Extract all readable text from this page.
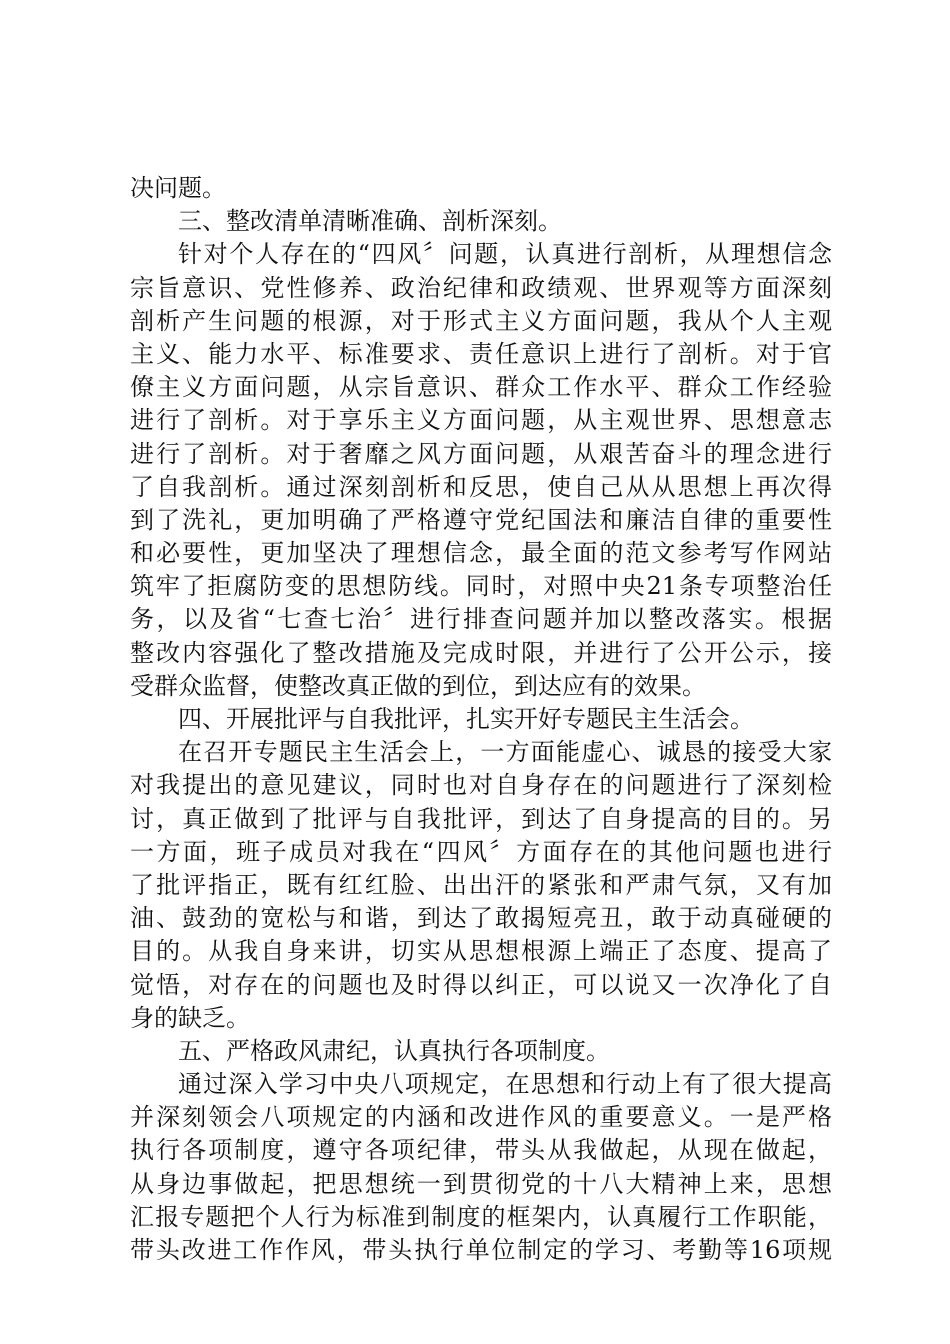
决问题。
三、整改清单清晰准确、剖析深刻。
针对个人存在的“四风〞问题，认真进行剖析，从理想信念
宗旨意识、党性修养、政治纪律和政绩观、世界观等方面深刻
剖析产生问题的根源，对于形式主义方面问题，我从个人主观
主义、能力水平、标准要求、责任意识上进行了剖析。对于官
僚主义方面问题，从宗旨意识、群众工作水平、群众工作经验
进行了剖析。对于享乐主义方面问题，从主观世界、思想意志
进行了剖析。对于奢靡之风方面问题，从艰苦奋斗的理念进行
了自我剖析。通过深刻剖析和反思，使自己从从思想上再次得
到了洗礼，更加明确了严格遵守党纪国法和廉洁自律的重要性
和必要性，更加坚决了理想信念，最全面的范文参考写作网站
筑牢了拒腐防变的思想防线。同时，对照中央21条专项整治任
务，以及省“七查七治〞进行排查问题并加以整改落实。根据
整改内容强化了整改措施及完成时限，并进行了公开公示，接
受群众监督，使整改真正做的到位，到达应有的效果。
四、开展批评与自我批评，扎实开好专题民主生活会。
在召开专题民主生活会上，一方面能虚心、诚恳的接受大家
对我提出的意见建议，同时也对自身存在的问题进行了深刻检
讨，真正做到了批评与自我批评，到达了自身提高的目的。另
一方面，班子成员对我在“四风〞方面存在的其他问题也进行
了批评指正，既有红红脸、出出汗的紧张和严肃气氛，又有加
油、鼓劲的宽松与和谐，到达了敢揭短亮丑，敢于动真碰硬的
目的。从我自身来讲，切实从思想根源上端正了态度、提高了
觉悟，对存在的问题也及时得以纠正，可以说又一次净化了自
身的缺乏。
五、严格政风肃纪，认真执行各项制度。
通过深入学习中央八项规定，在思想和行动上有了很大提高
并深刻领会八项规定的内涵和改进作风的重要意义。一是严格
执行各项制度，遵守各项纪律，带头从我做起，从现在做起，
从身边事做起，把思想统一到贯彻党的十八大精神上来，思想
汇报专题把个人行为标准到制度的框架内，认真履行工作职能，
带头改进工作作风，带头执行单位制定的学习、考勤等16项规
